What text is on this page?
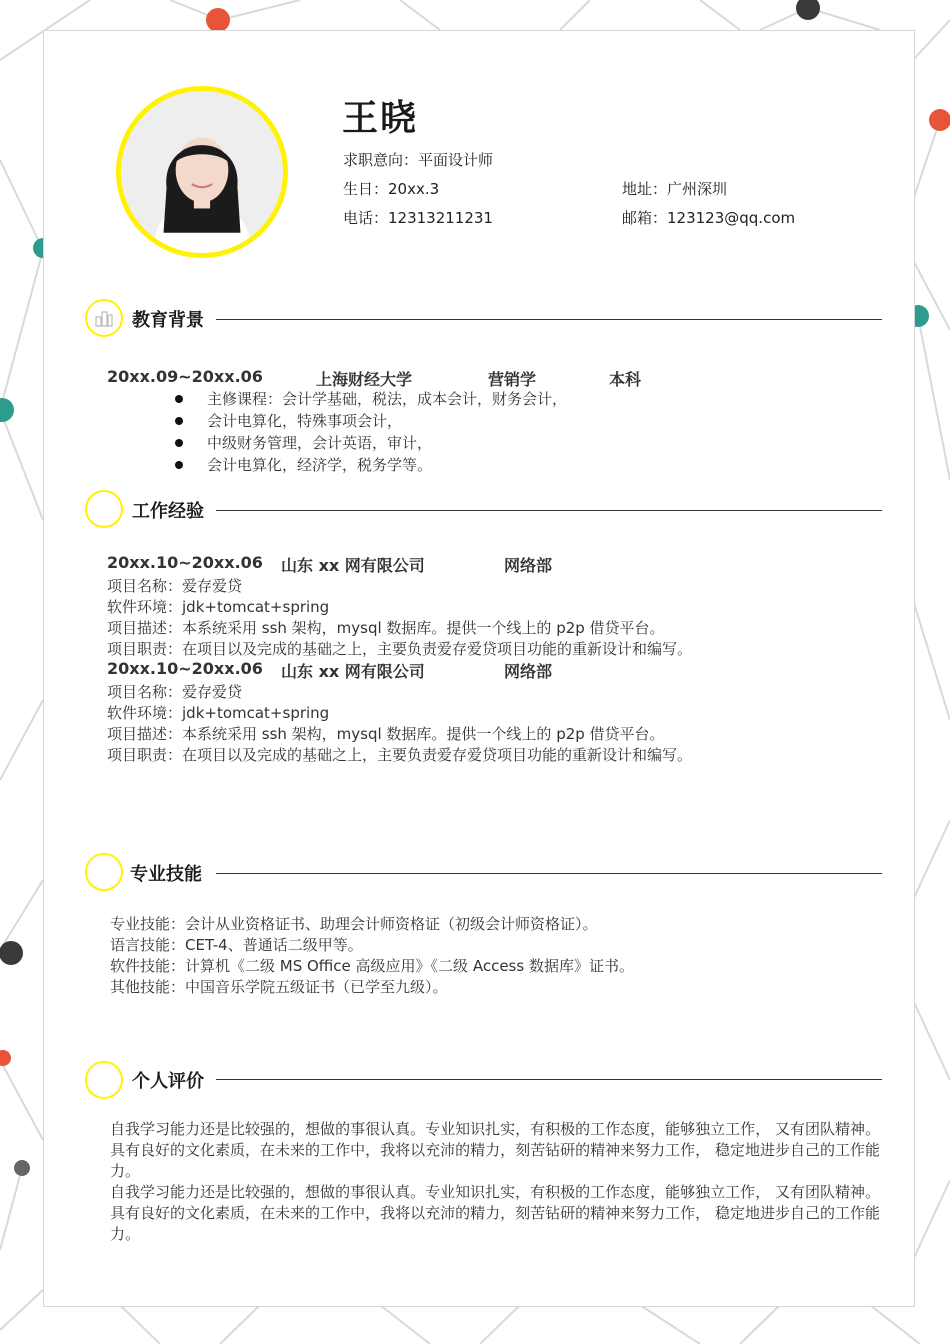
王晓
求职意向：平面设计师
生日：20xx.3	地址：广州深圳
电话：12313211231	邮箱：123123@qq.com
教育背景
20xx.09~20xx.06	上海财经大学	营销学	本科
主修课程：会计学基础，税法，成本会计，财务会计，
会计电算化，特殊事项会计，
中级财务管理，会计英语，审计，
会计电算化，经济学，税务学等。
工作经验
20xx.10~20xx.06 山东 xx 网有限公司	网络部
项目名称：爱存爱贷
软件环境：jdk+tomcat+spring
项目描述：本系统采用 ssh 架构，mysql 数据库。提供一个线上的 p2p 借贷平台。
项目职责：在项目以及完成的基础之上，主要负责爱存爱贷项目功能的重新设计和编写。
20xx.10~20xx.06 山东 xx 网有限公司	网络部
项目名称：爱存爱贷
软件环境：jdk+tomcat+spring
项目描述：本系统采用 ssh 架构，mysql 数据库。提供一个线上的 p2p 借贷平台。
项目职责：在项目以及完成的基础之上，主要负责爱存爱贷项目功能的重新设计和编写。
专业技能
专业技能：会计从业资格证书、助理会计师资格证（初级会计师资格证）。
语言技能：CET-4、普通话二级甲等。
软件技能：计算机《二级 MS Office 高级应用》《二级 Access 数据库》证书。
其他技能：中国音乐学院五级证书（已学至九级）。
个人评价

自我学习能力还是比较强的，想做的事很认真。专业知识扎实，有积极的工作态度，能够独立工作， 又有团队精神。具有良好的文化素质，在未来的工作中，我将以充沛的精力，刻苦钻研的精神来努力工作， 稳定地进步自己的工作能力。

自我学习能力还是比较强的，想做的事很认真。专业知识扎实，有积极的工作态度，能够独立工作， 又有团队精神。具有良好的文化素质，在未来的工作中，我将以充沛的精力，刻苦钻研的精神来努力工作， 稳定地进步自己的工作能力。
